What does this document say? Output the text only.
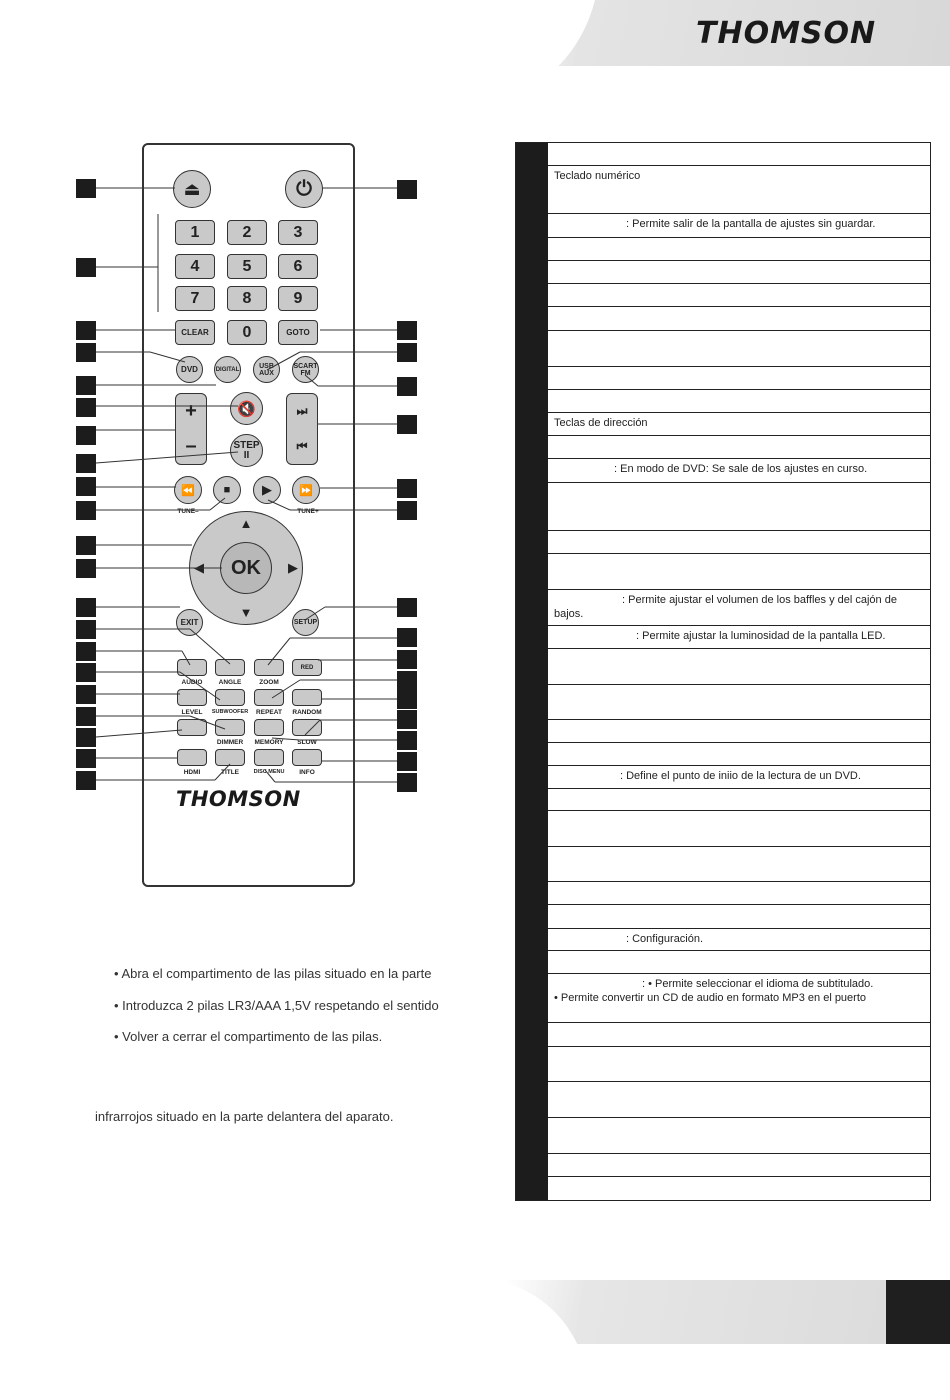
THOMSON
⏏	⏻
1	2	3
4	5	6
7	8	9
CLEAR	0	GOTO
DVD	DIGITAL	USB AUX
SCART FM
+
–
🔇
STEP
II
⏭
⏮
⏪	■ ▶ ⏩
TUNE–	TUNE+
▲
▼
◀	▶
OK
EXIT	SETUP
RED
AUDIO	ANGLE	ZOOM
LEVEL	SUBWOOFER	REPEAT	RANDOM
DIMMER	MEMORY	SLOW
HDMI	TITLE	DISC MENU	INFO
THOMSON
• Abra el compartimento de las pilas situado en la parte
• Introduzca 2 pilas LR3/AAA 1,5V respetando el sentido
• Volver a cerrar el compartimento de las pilas.
infrarrojos situado en la parte delantera del aparato.
Teclado numérico
: Permite salir de la pantalla de ajustes sin guardar.
Teclas de dirección
: En modo de DVD: Se sale de los ajustes en curso.
: Permite ajustar el volumen de los baffles y del cajón de bajos.
: Permite ajustar la luminosidad de la pantalla LED.
: Define el punto de iniio de la lectura de un DVD.
: Configuración.
: • Permite seleccionar el idioma de subtitulado.
• Permite convertir un CD de audio en formato MP3 en el puerto
